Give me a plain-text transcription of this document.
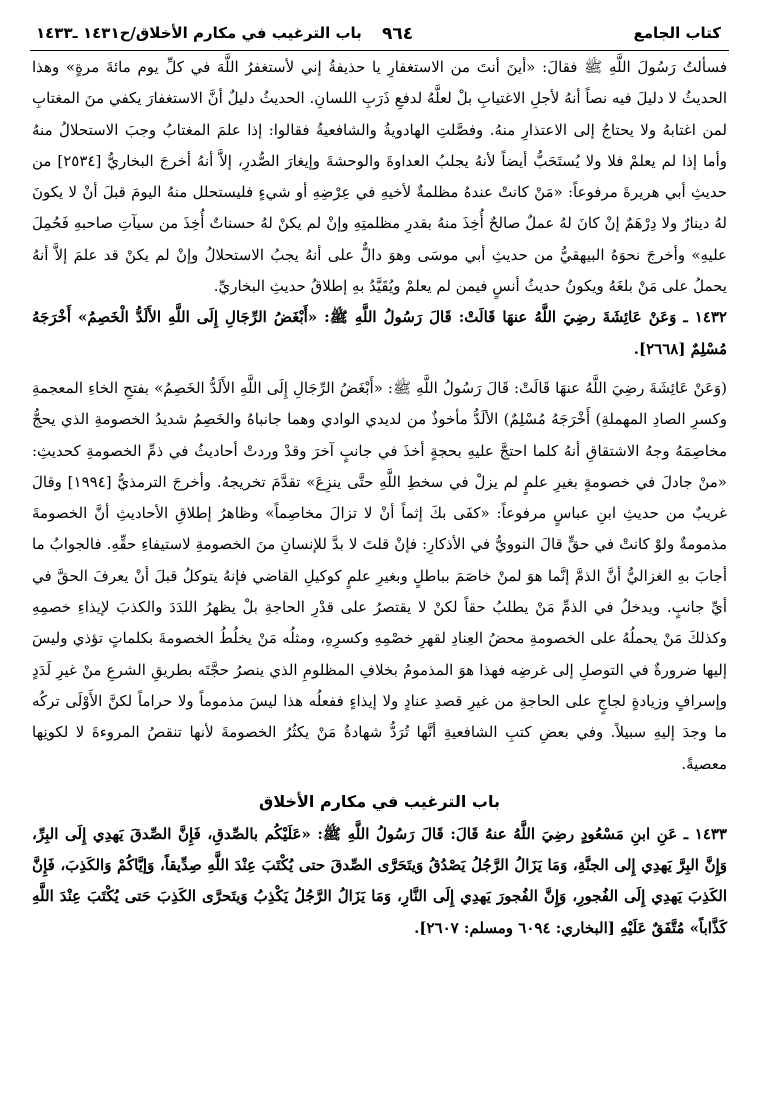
كتاب الجامع
٩٦٤
باب الترغيب في مكارم الأخلاق/ح١٤٣١ ـ١٤٣٣

فسألتُ رَسُولَ اللَّهِ ﷺ فقالَ: «أينَ أنتَ من الاستغفارِ يا حذيفةُ إني لأستغفرُ اللَّهَ في كلِّ يوم مائةَ مرةٍ» وهذا الحديثُ لا دليلَ فيه نصاً أنهُ لأجلِ الاغتيابِ بلْ لعلَّهُ لدفعِ ذَرَبِ اللسانِ. الحديثُ دليلٌ أنَّ الاستغفارَ يكفي منَ المغتابِ لمن اغتابهُ ولا يحتاجُ إلى الاعتذارِ منهُ. وفصَّلتِ الهادويةُ والشافعيةُ فقالوا: إذا علمَ المغتابُ وجبَ الاستحلالُ منهُ وأما إذا لم يعلمْ فلا ولا يُستَحَبُّ أيضاً لأنهُ يجلبُ العداوةَ والوحشةَ وإيغارَ الصُّدرِ، إلاَّ أنهُ أخرجَ البخاريُّ [٢٥٣٤] من حديثِ أبي هريرةَ مرفوعاً: «مَنْ كانتْ عندهُ مظلمةٌ لأخيهِ في عِرْضِهِ أو شيءٍ فليستحلل منهُ اليومَ قبلَ أنْ لا يكونَ لهُ دينارٌ ولا دِرْهَمٌ إنْ كانَ لهُ عملٌ صالحٌ أُخِذَ منهُ بقدرِ مظلمتِهِ وإنْ لم يكنْ لهُ حسناتٌ أُخِذَ من سيآتِ صاحبهِ فَحُمِلَ عليهِ» وأخرجَ نحوَهُ البيهقيُّ من حديثِ أبي موسَى وهوَ دالٌّ على أنهُ يجبُ الاستحلالُ وإنْ لم يكنْ قد علمَ إلاَّ أنهُ يحملُ على مَنْ بلغَهُ ويكونُ حديثُ أنسٍ فيمن لم يعلمْ ويُقَيَّدُ بهِ إطلاقُ حديثِ البخاريِّ.

١٤٣٢ ـ وَعَنْ عَائِشَةَ رضِيَ اللَّهُ عنهَا قَالَتْ: قَالَ رَسُولُ اللَّهِ ﷺ: «أَبْغَضُ الرِّجَالِ إِلَى اللَّهِ الأَلَدُّ الْخَصِمُ» أَخْرَجَهُ مُسْلِمٌ [٢٦٦٨].

(وَعَنْ عَائِشَةَ رضِيَ اللَّهُ عنهَا قَالَتْ: قَالَ رَسُولُ اللَّهِ ﷺ: «أَبْغَضُ الرِّجَالِ إِلَى اللَّهِ الأَلَدُّ الخَصِمُ» بفتحِ الخاءِ المعجمةِ وكسرِ الصادِ المهملةِ) أَخْرَجَهُ مُسْلِمٌ) الألَدُّ مأخوذٌ من لديدي الوادي وهما جانباهُ والخَصِمُ شديدُ الخصومةِ الذي يحجُّ مخاصِمَهُ وجهُ الاشتقاقِ أنهُ كلما احتجَّ عليهِ بحجةٍ أخذَ في جانبٍ آخرَ وقدْ وردتْ أحاديثُ في ذمِّ الخصومةِ كحديثِ: «منْ جادلَ في خصومةٍ بغيرِ علمٍ لم يزلْ في سخطِ اللَّهِ حتَّى ينزِعَ» تقدَّمَ تخريجهُ. وأخرجَ الترمذيُّ [١٩٩٤] وقالَ غريبٌ من حديثِ ابنِ عباسٍ مرفوعاً: «كفَى بكَ إثماً أنْ لا تزالَ مخاصِماً» وظاهرُ إطلاقِ الأحاديثِ أنَّ الخصومةَ مذمومةٌ ولوْ كانتْ في حقٍّ قالَ النوويُّ في الأذكارِ: فإنْ قلتَ لا بدَّ للإنسانِ منَ الخصومةِ لاستيفاءِ حقِّهِ. فالجوابُ ما أجابَ بهِ الغزاليُّ أنَّ الذمَّ إنَّما هوَ لمنْ خاصَمَ بباطلٍ وبغيرِ علمٍ كوكيلِ القاضي فإنهُ يتوكلُ قبلَ أنْ يعرفَ الحقَّ في أيِّ جانبٍ. ويدخلُ في الذمِّ مَنْ يطلبُ حقاً لكنْ لا يقتصرُ على قدْرِ الحاجةِ بلْ يظهرُ اللدَدَ والكذبَ لإيذاءِ خصمِهِ وكذلكَ مَنْ يحملُهُ على الخصومةِ محضُ العِنادِ لقهرِ خصْمِهِ وكسرِهِ، ومثلُه مَنْ يخلُطُ الخصومةَ بكلماتٍ تؤذي وليسَ إليها ضرورةٌ في التوصلِ إلى غرضِه فهذا هوَ المذمومُ بخلافِ المظلومِ الذي ينصرُ حجَّتَه بطريقِ الشرعِ منْ غيرِ لَدَدٍ وإسرافٍ وزيادةٍ لجاجٍ على الحاجةِ من غيرِ قصدِ عنادٍ ولا إيذاءٍ ففعلُه هذا ليسَ مذموماً ولا حراماً لكنَّ الأَوْلَى تركُه ما وجدَ إليهِ سبيلاً. وفي بعضِ كتبِ الشافعيةِ أنَّها تُرَدُّ شهادةُ مَنْ يكثُرُ الخصومةَ لأنها تنقصُ المروءةَ لا لكونِها معصيةً.

باب الترغيب في مكارم الأخلاق

١٤٣٣ ـ عَنِ ابنِ مَسْعُودٍ رضِيَ اللَّهُ عنهُ قَالَ: قَالَ رَسُولُ اللَّهِ ﷺ: «عَلَيْكُم بالصِّدقِ، فَإِنَّ الصِّدقَ يَهدِي إِلَى البِرِّ، وَإِنَّ البِرَّ يَهدِي إِلى الجنَّةِ، وَمَا يَزَالُ الرَّجُلُ يَصْدُقُ وَيتَحَرَّى الصِّدقَ حتى يُكْتَبَ عِنْدَ اللَّهِ صِدِّيقاً، وَإيَّاكُمْ وَالكَذِبَ، فَإِنَّ الكَذِبَ يَهدِي إِلَى الفُجورِ، وَإِنَّ الفُجورَ يَهدِي إِلَى النَّارِ، وَمَا يَزَالُ الرَّجُلُ يَكْذِبُ وَيتَحرَّى الكَذِبَ حَتى يُكْتَبَ عِنْدَ اللَّهِ كَذَّاباً» مُتَّفَقٌ عَلَيْهِ [البخاري: ٦٠٩٤ ومسلم: ٢٦٠٧].
